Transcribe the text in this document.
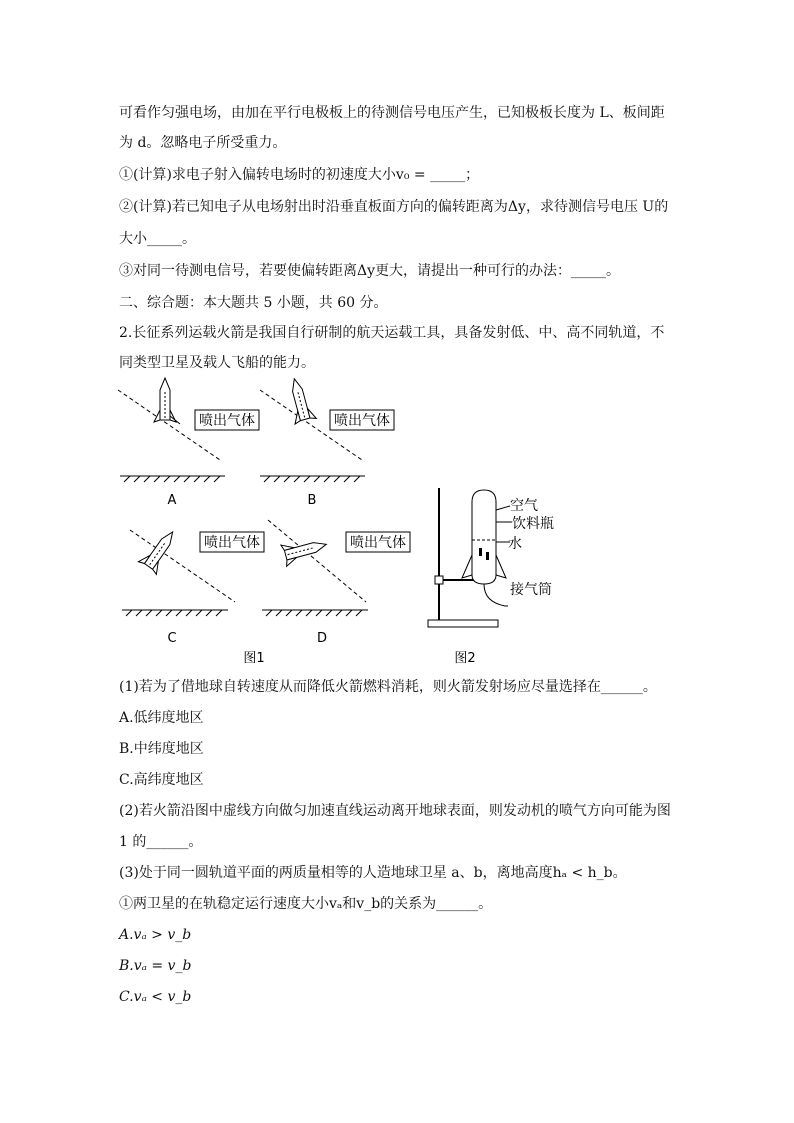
可看作匀强电场，由加在平行电极板上的待测信号电压产生，已知极板长度为 L、板间距
为 d。忽略电子所受重力。
①(计算)求电子射入偏转电场时的初速度大小v₀ = _____；
②(计算)若已知电子从电场射出时沿垂直板面方向的偏转距离为Δy，求待测信号电压 U的
大小_____。
③对同一待测电信号，若要使偏转距离Δy更大，请提出一种可行的办法：_____。
二、综合题：本大题共 5 小题，共 60 分。
2.长征系列运载火箭是我国自行研制的航天运载工具，具备发射低、中、高不同轨道，不
同类型卫星及载人飞船的能力。
喷出气体
A
喷出气体
B
喷出气体
C
喷出气体
D
图1
空气
饮料瓶
水
接气筒
图2
(1)若为了借地球自转速度从而降低火箭燃料消耗，则火箭发射场应尽量选择在______。
A.低纬度地区
B.中纬度地区
C.高纬度地区
(2)若火箭沿图中虚线方向做匀加速直线运动离开地球表面，则发动机的喷气方向可能为图
1 的______。
(3)处于同一圆轨道平面的两质量相等的人造地球卫星 a、b，离地高度hₐ < h_b。
①两卫星的在轨稳定运行速度大小vₐ和v_b的关系为______。
A.vₐ > v_b
B.vₐ = v_b
C.vₐ < v_b
